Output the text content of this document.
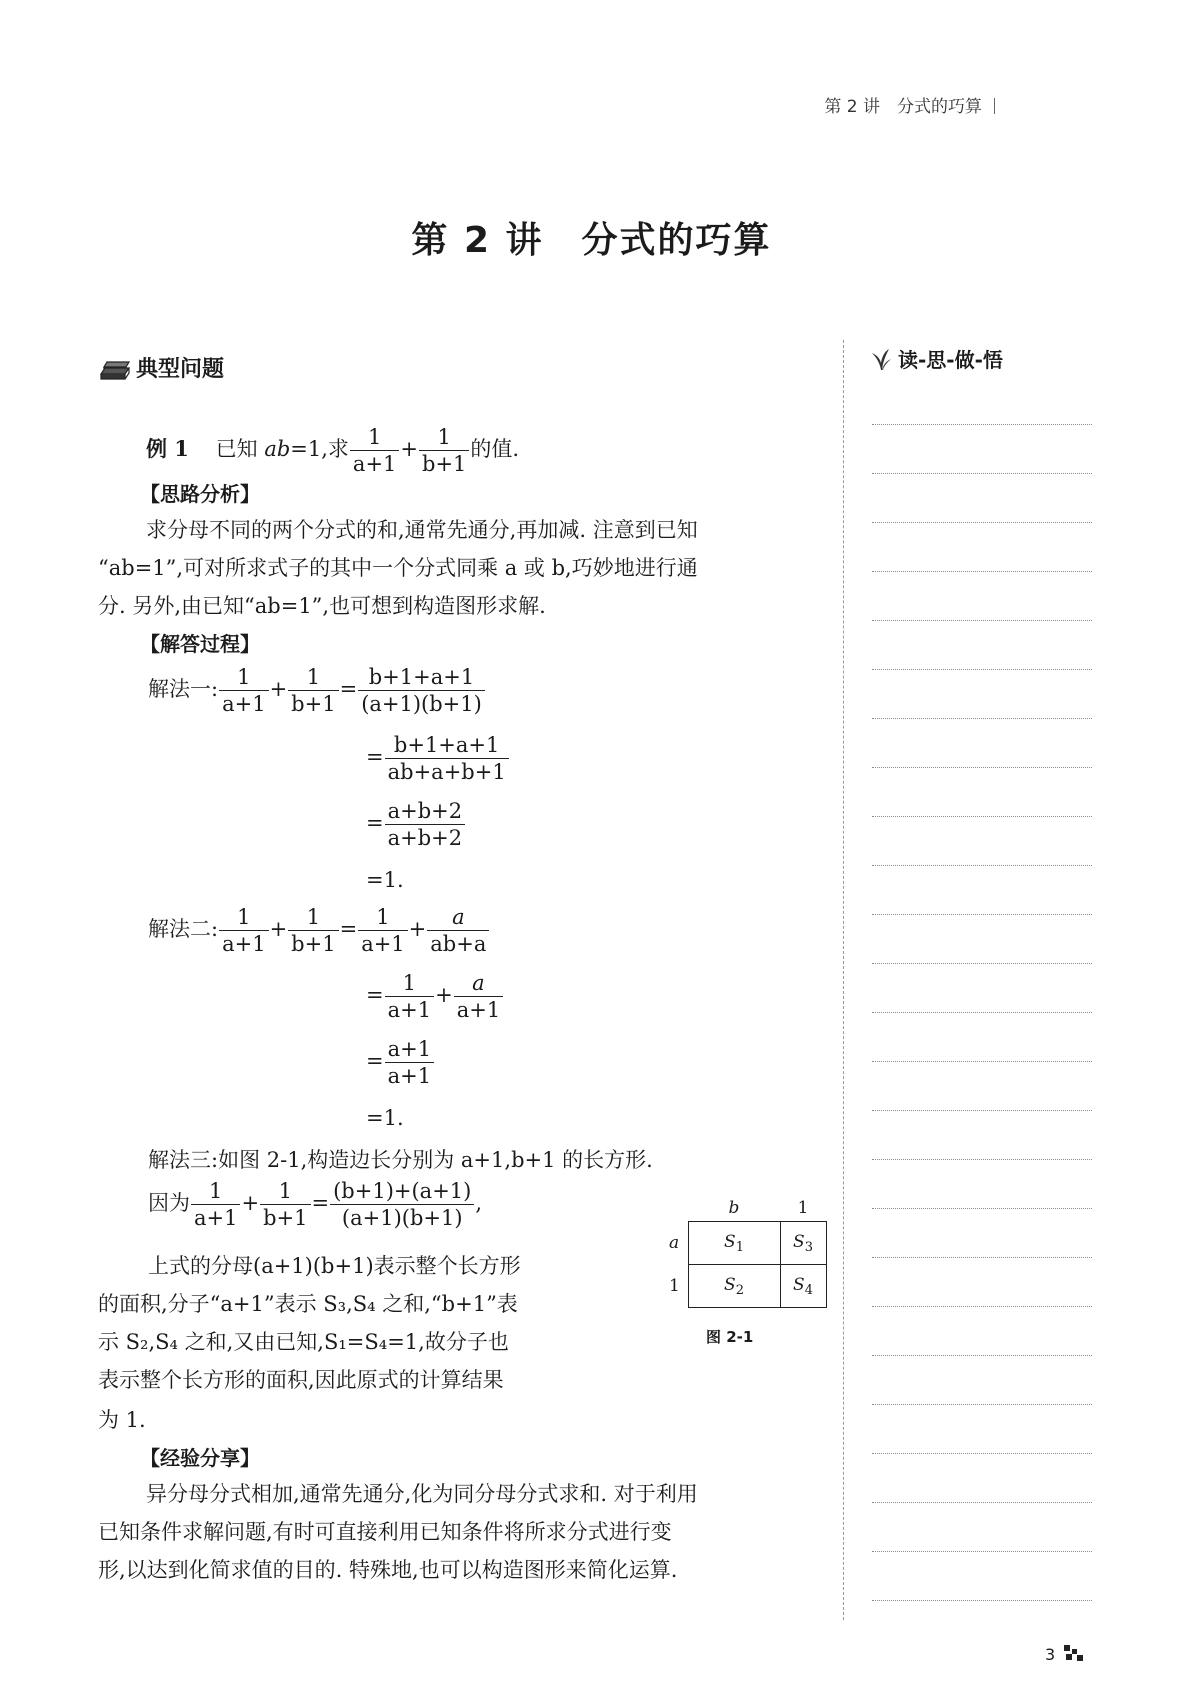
第 2 讲　分式的巧算
第 2 讲 分式的巧算
典型问题	读-思-做-悟
例 1 已知 ab=1,求 $\frac{1}{a+1} + \frac{1}{b+1}$ 的值.
【思路分析】
求分母不同的两个分式的和,通常先通分,再加减. 注意到已知
“ab=1”,可对所求式子的其中一个分式同乘 a 或 b,巧妙地进行通
分. 另外,由已知“ab=1”,也可想到构造图形求解.
【解答过程】
解法一: $\frac{1}{a+1} + \frac{1}{b+1} = \frac{b+1+a+1}{(a+1)(b+1)}$
= $\frac{b+1+a+1}{ab+a+b+1}$
= $\frac{a+b+2}{a+b+2}$
=1.
解法二: $\frac{1}{a+1} + \frac{1}{b+1} = \frac{1}{a+1} + \frac{a}{ab+a}$
= $\frac{1}{a+1} + \frac{a}{a+1}$
= $\frac{a+1}{a+1}$
=1.
解法三:如图 2-1,构造边长分别为 a+1,b+1 的长方形.
因为 $\frac{1}{a+1} + \frac{1}{b+1} = \frac{(b+1)+(a+1)}{(a+1)(b+1)}$ ,
上式的分母(a+1)(b+1)表示整个长方形
的面积,分子“a+1”表示 S₃,S₄ 之和,“b+1”表
示 S₂,S₄ 之和,又由已知,S₁=S₄=1,故分子也
表示整个长方形的面积,因此原式的计算结果
为 1.
	b	1
a	$S_1$	$S_3$
1	$S_2$	$S_4$
图 2-1
【经验分享】
异分母分式相加,通常先通分,化为同分母分式求和. 对于利用
已知条件求解问题,有时可直接利用已知条件将所求分式进行变
形,以达到化简求值的目的. 特殊地,也可以构造图形来简化运算.
3
